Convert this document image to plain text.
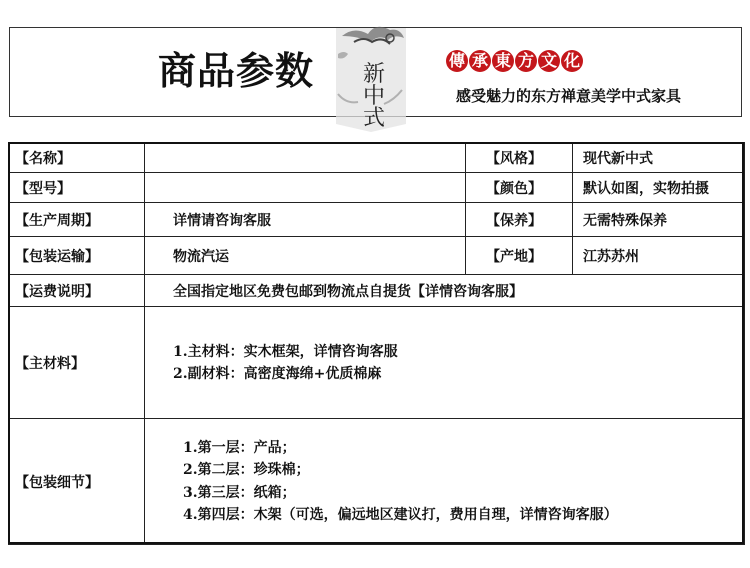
商品参数 新
中
式
傳 承 東 方 文 化
感受魅力的东方禅意美学中式家具
【名称】		【风格】	现代新中式
【型号】		【颜色】	默认如图，实物拍摄
【生产周期】	详情请咨询客服	【保养】	无需特殊保养
【包装运输】	物流汽运	【产地】	江苏苏州
【运费说明】	全国指定地区免费包邮到物流点自提货【详情咨询客服】		
【主材料】	1.主材料：实木框架，详情咨询客服
2.副材料：高密度海绵+优质棉麻		

【包装细节】	1.第一层：产品；
2.第二层：珍珠棉；
3.第三层：纸箱；
4.第四层：木架（可选，偏远地区建议打，费用自理，详情咨询客服）		
